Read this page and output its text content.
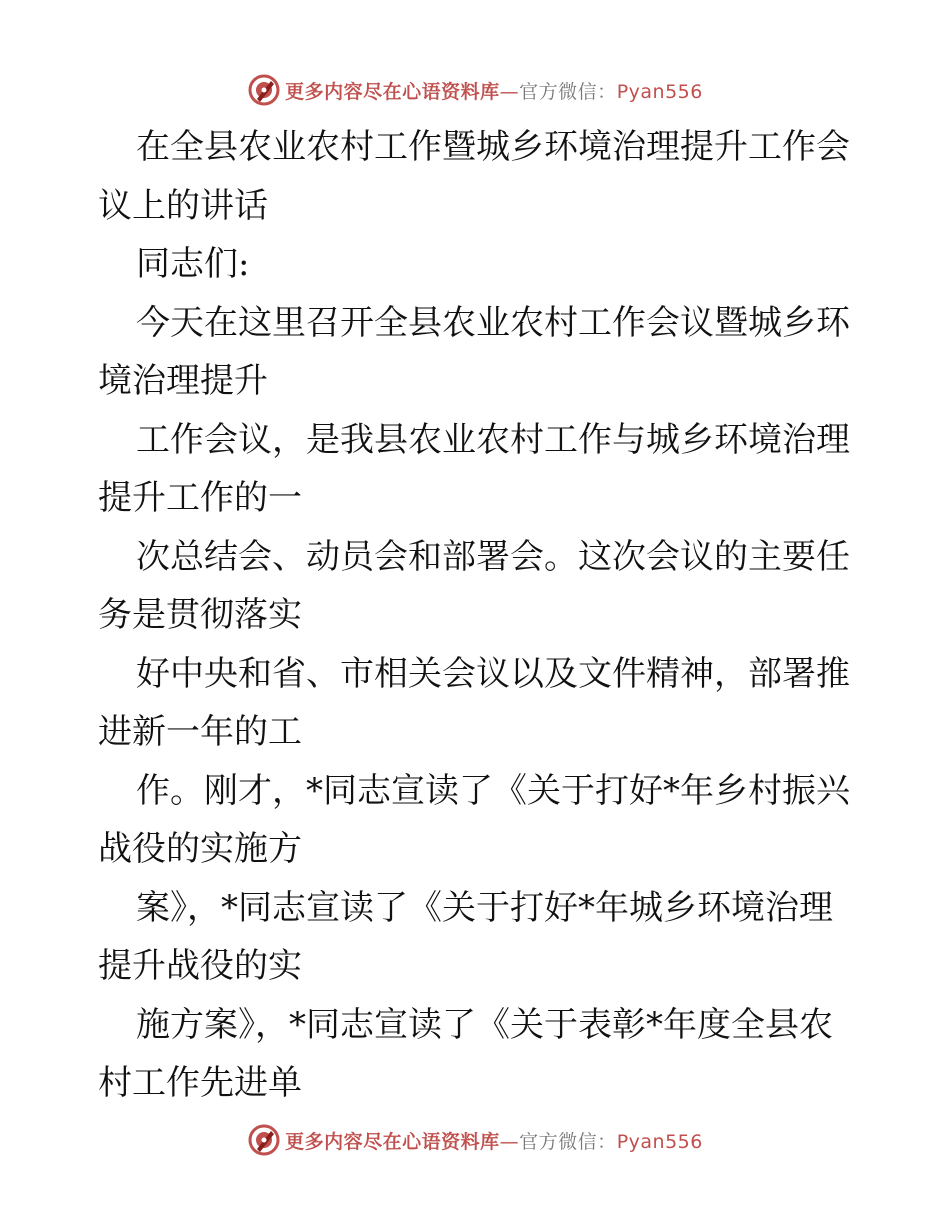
更多内容尽在心语资料库—官方微信：Pyan556
在全县农业农村工作暨城乡环境治理提升工作会
议上的讲话
同志们:
今天在这里召开全县农业农村工作会议暨城乡环
境治理提升
工作会议，是我县农业农村工作与城乡环境治理
提升工作的一
次总结会、动员会和部署会。这次会议的主要任
务是贯彻落实
好中央和省、市相关会议以及文件精神，部署推
进新一年的工
作。刚才，*同志宣读了《关于打好*年乡村振兴
战役的实施方
案》，*同志宣读了《关于打好*年城乡环境治理
提升战役的实
施方案》，*同志宣读了《关于表彰*年度全县农
村工作先进单
更多内容尽在心语资料库—官方微信：Pyan556
